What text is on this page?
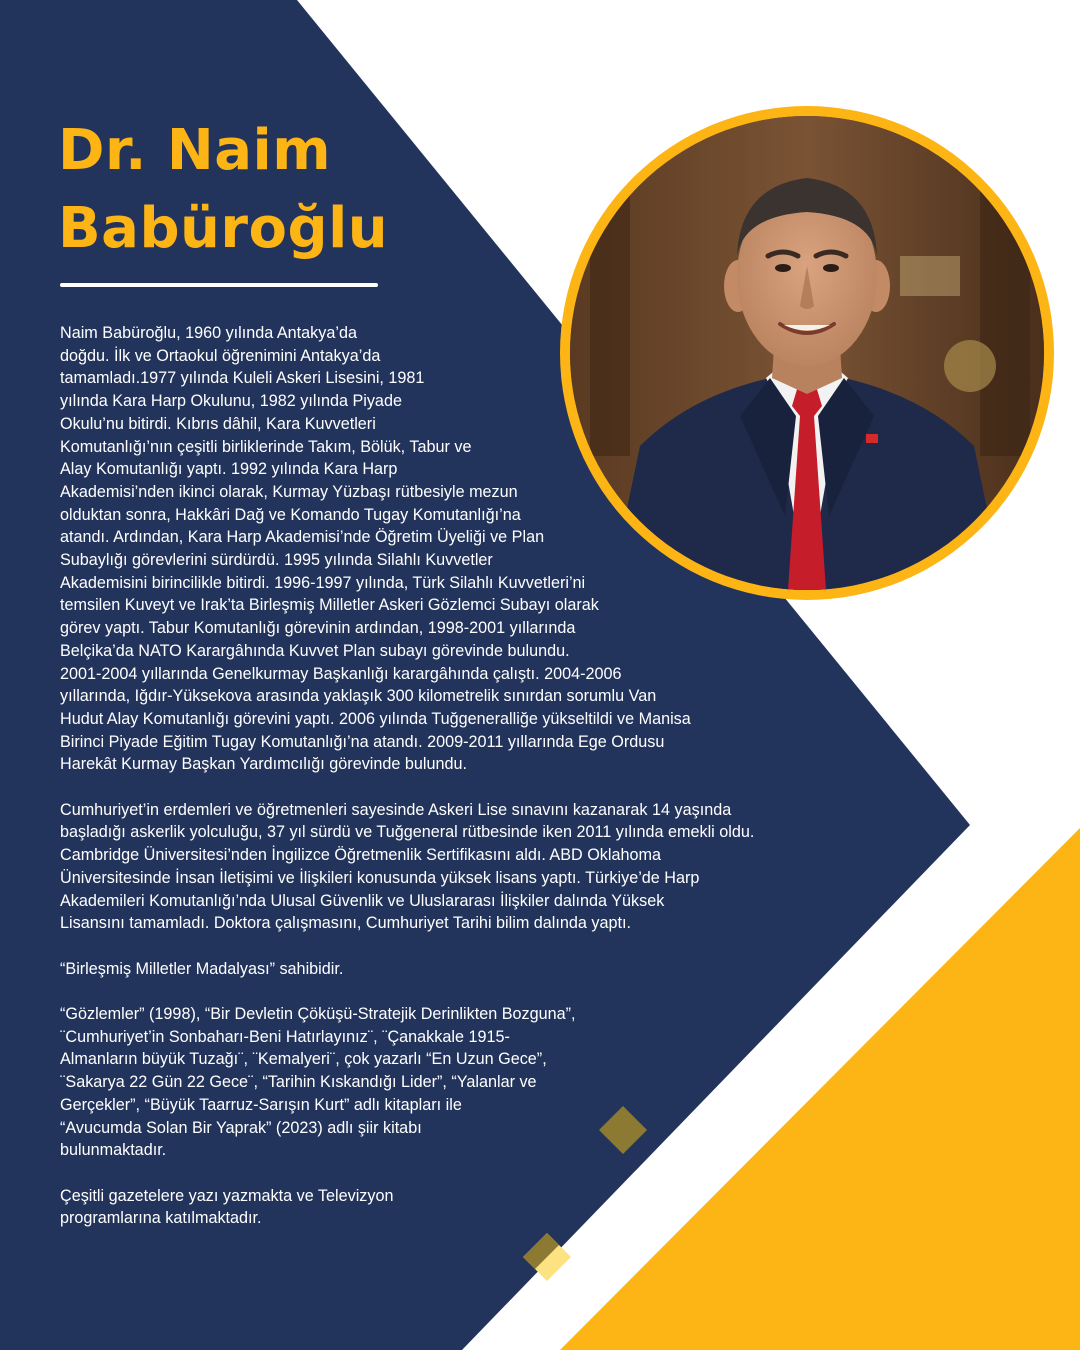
Dr. Naim
Babüroğlu

Naim Babüroğlu, 1960 yılında Antakya’da
doğdu. İlk ve Ortaokul öğrenimini Antakya’da
tamamladı.1977 yılında Kuleli Askeri Lisesini, 1981
yılında Kara Harp Okulunu, 1982 yılında Piyade
Okulu’nu bitirdi. Kıbrıs dâhil, Kara Kuvvetleri
Komutanlığı’nın çeşitli birliklerinde Takım, Bölük, Tabur ve
Alay Komutanlığı yaptı. 1992 yılında Kara Harp
Akademisi’nden ikinci olarak, Kurmay Yüzbaşı rütbesiyle mezun
olduktan sonra, Hakkâri Dağ ve Komando Tugay Komutanlığı’na
atandı. Ardından, Kara Harp Akademisi’nde Öğretim Üyeliği ve Plan
Subaylığı görevlerini sürdürdü. 1995 yılında Silahlı Kuvvetler
Akademisini birincilikle bitirdi. 1996-1997 yılında, Türk Silahlı Kuvvetleri’ni
temsilen Kuveyt ve Irak’ta Birleşmiş Milletler Askeri Gözlemci Subayı olarak
görev yaptı. Tabur Komutanlığı görevinin ardından, 1998-2001 yıllarında
Belçika’da NATO Karargâhında Kuvvet Plan subayı görevinde bulundu.
2001-2004 yıllarında Genelkurmay Başkanlığı karargâhında çalıştı. 2004-2006
yıllarında, Iğdır-Yüksekova arasında yaklaşık 300 kilometrelik sınırdan sorumlu Van
Hudut Alay Komutanlığı görevini yaptı. 2006 yılında Tuğgeneralliğe yükseltildi ve Manisa
Birinci Piyade Eğitim Tugay Komutanlığı’na atandı. 2009-2011 yıllarında Ege Ordusu
Harekât Kurmay Başkan Yardımcılığı görevinde bulundu.

Cumhuriyet’in erdemleri ve öğretmenleri sayesinde Askeri Lise sınavını kazanarak 14 yaşında
başladığı askerlik yolculuğu, 37 yıl sürdü ve Tuğgeneral rütbesinde iken 2011 yılında emekli oldu.
Cambridge Üniversitesi’nden İngilizce Öğretmenlik Sertifikasını aldı. ABD Oklahoma
Üniversitesinde İnsan İletişimi ve İlişkileri konusunda yüksek lisans yaptı. Türkiye’de Harp
Akademileri Komutanlığı’nda Ulusal Güvenlik ve Uluslararası İlişkiler dalında Yüksek
Lisansını tamamladı. Doktora çalışmasını, Cumhuriyet Tarihi bilim dalında yaptı.

“Birleşmiş Milletler Madalyası” sahibidir.

“Gözlemler” (1998), “Bir Devletin Çöküşü-Stratejik Derinlikten Bozguna”,
¨Cumhuriyet’in Sonbaharı-Beni Hatırlayınız¨, ¨Çanakkale 1915-
Almanların büyük Tuzağı¨, ¨Kemalyeri¨, çok yazarlı “En Uzun Gece”,
¨Sakarya 22 Gün 22 Gece¨, “Tarihin Kıskandığı Lider”, “Yalanlar ve
Gerçekler”, “Büyük Taarruz-Sarışın Kurt” adlı kitapları ile
“Avucumda Solan Bir Yaprak” (2023) adlı şiir kitabı
bulunmaktadır.

Çeşitli gazetelere yazı yazmakta ve Televizyon
programlarına katılmaktadır.
